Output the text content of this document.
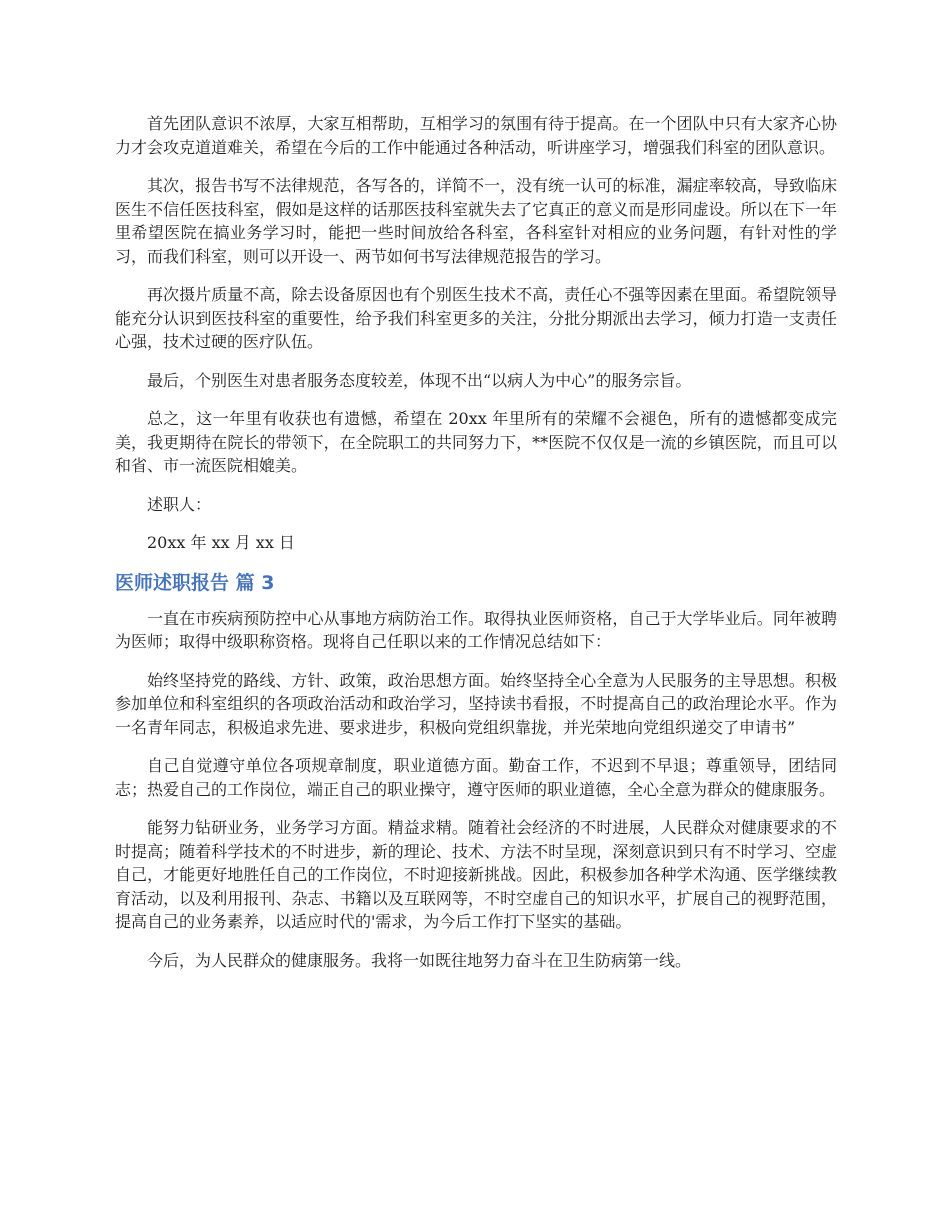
首先团队意识不浓厚，大家互相帮助，互相学习的氛围有待于提高。在一个团队中只有大家齐心协力才会攻克道道难关，希望在今后的工作中能通过各种活动，听讲座学习，增强我们科室的团队意识。

其次，报告书写不法律规范，各写各的，详简不一，没有统一认可的标准，漏症率较高，导致临床医生不信任医技科室，假如是这样的话那医技科室就失去了它真正的意义而是形同虚设。所以在下一年里希望医院在搞业务学习时，能把一些时间放给各科室，各科室针对相应的业务问题，有针对性的学习，而我们科室，则可以开设一、两节如何书写法律规范报告的学习。

再次摄片质量不高，除去设备原因也有个别医生技术不高，责任心不强等因素在里面。希望院领导能充分认识到医技科室的重要性，给予我们科室更多的关注，分批分期派出去学习，倾力打造一支责任心强，技术过硬的医疗队伍。

最后，个别医生对患者服务态度较差，体现不出“以病人为中心”的服务宗旨。

总之，这一年里有收获也有遗憾，希望在 20xx 年里所有的荣耀不会褪色，所有的遗憾都变成完美，我更期待在院长的带领下，在全院职工的共同努力下，**医院不仅仅是一流的乡镇医院，而且可以和省、市一流医院相媲美。

述职人：

20xx 年 xx 月 xx 日

医师述职报告 篇 3

一直在市疾病预防控中心从事地方病防治工作。取得执业医师资格，自己于大学毕业后。同年被聘为医师；取得中级职称资格。现将自己任职以来的工作情况总结如下：

始终坚持党的路线、方针、政策，政治思想方面。始终坚持全心全意为人民服务的主导思想。积极参加单位和科室组织的各项政治活动和政治学习，坚持读书看报，不时提高自己的政治理论水平。作为一名青年同志，积极追求先进、要求进步，积极向党组织靠拢，并光荣地向党组织递交了申请书”

自己自觉遵守单位各项规章制度，职业道德方面。勤奋工作，不迟到不早退；尊重领导，团结同志；热爱自己的工作岗位，端正自己的职业操守，遵守医师的职业道德，全心全意为群众的健康服务。

能努力钻研业务，业务学习方面。精益求精。随着社会经济的不时进展，人民群众对健康要求的不时提高；随着科学技术的不时进步，新的理论、技术、方法不时呈现，深刻意识到只有不时学习、空虚自己，才能更好地胜任自己的工作岗位，不时迎接新挑战。因此，积极参加各种学术沟通、医学继续教育活动，以及利用报刊、杂志、书籍以及互联网等，不时空虚自己的知识水平，扩展自己的视野范围，提高自己的业务素养，以适应时代的'需求，为今后工作打下坚实的基础。

今后，为人民群众的健康服务。我将一如既往地努力奋斗在卫生防病第一线。
